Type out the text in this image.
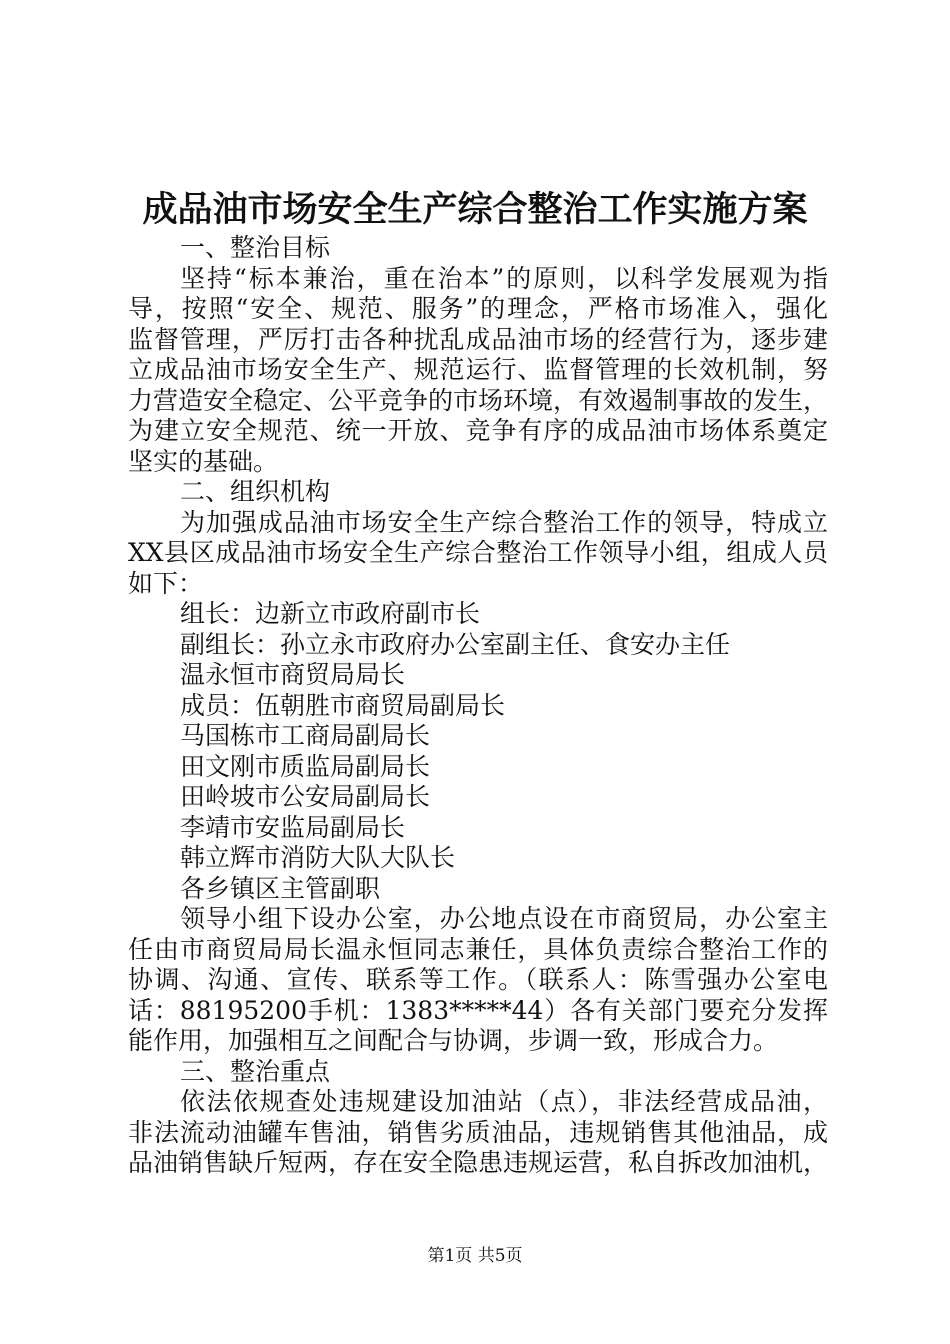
成品油市场安全生产综合整治工作实施方案
一、整治目标
坚持“标本兼治，重在治本”的原则，以科学发展观为指
导，按照“安全、规范、服务”的理念，严格市场准入，强化
监督管理，严厉打击各种扰乱成品油市场的经营行为，逐步建
立成品油市场安全生产、规范运行、监督管理的长效机制，努
力营造安全稳定、公平竞争的市场环境，有效遏制事故的发生，
为建立安全规范、统一开放、竞争有序的成品油市场体系奠定
坚实的基础。
二、组织机构
为加强成品油市场安全生产综合整治工作的领导，特成立
XX县区成品油市场安全生产综合整治工作领导小组，组成人员
如下：
组长：边新立市政府副市长
副组长：孙立永市政府办公室副主任、食安办主任
温永恒市商贸局局长
成员：伍朝胜市商贸局副局长
马国栋市工商局副局长
田文刚市质监局副局长
田岭坡市公安局副局长
李靖市安监局副局长
韩立辉市消防大队大队长
各乡镇区主管副职
领导小组下设办公室，办公地点设在市商贸局，办公室主
任由市商贸局局长温永恒同志兼任，具体负责综合整治工作的
协调、沟通、宣传、联系等工作。（联系人：陈雪强办公室电
话：88195200手机：1383*****44）各有关部门要充分发挥
能作用，加强相互之间配合与协调，步调一致，形成合力。
三、整治重点
依法依规查处违规建设加油站（点），非法经营成品油，
非法流动油罐车售油，销售劣质油品，违规销售其他油品，成
品油销售缺斤短两，存在安全隐患违规运营，私自拆改加油机，
第1页 共5页
